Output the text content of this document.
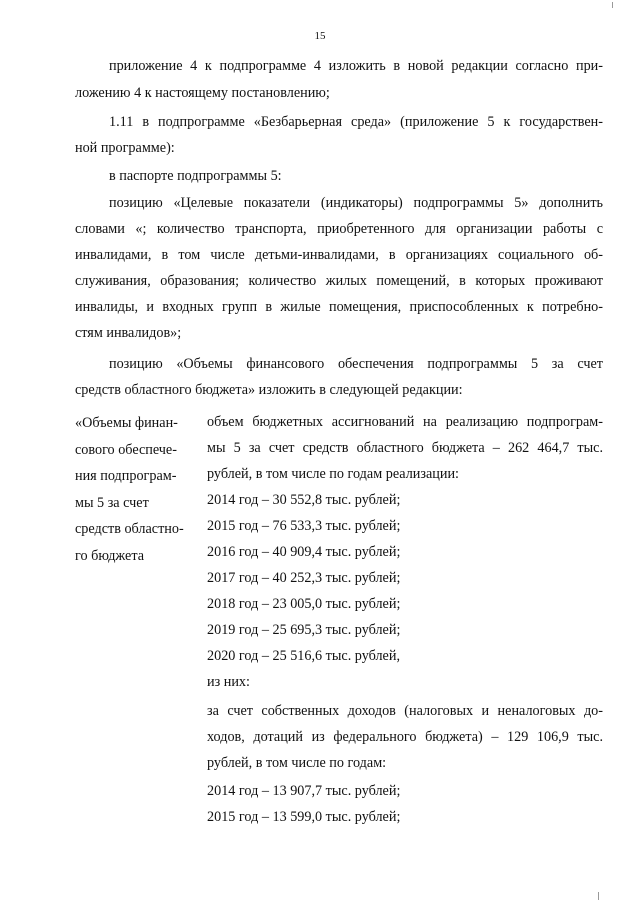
15
приложение 4 к подпрограмме 4 изложить в новой редакции согласно при-
ложению 4 к настоящему постановлению;
1.11 в подпрограмме «Безбарьерная среда» (приложение 5 к государствен-
ной программе):
в паспорте подпрограммы 5:
позицию «Целевые показатели (индикаторы) подпрограммы 5» дополнить
словами «; количество транспорта, приобретенного для организации работы с
инвалидами, в том числе детьми-инвалидами, в организациях социального об-
служивания, образования; количество жилых помещений, в которых проживают
инвалиды, и входных групп в жилые помещения, приспособленных к потребно-
стям инвалидов»;
позицию «Объемы финансового обеспечения подпрограммы 5 за счет
средств областного бюджета» изложить в следующей редакции:
«Объемы финан-
сового обеспече-
ния подпрограм-
мы 5 за счет
средств областно-
го бюджета
объем бюджетных ассигнований на реализацию подпрограм-
мы 5 за счет средств областного бюджета – 262 464,7 тыс.
рублей, в том числе по годам реализации:
2014 год – 30 552,8 тыс. рублей;
2015 год – 76 533,3 тыс. рублей;
2016 год – 40 909,4 тыс. рублей;
2017 год – 40 252,3 тыс. рублей;
2018 год – 23 005,0 тыс. рублей;
2019 год – 25 695,3 тыс. рублей;
2020 год – 25 516,6 тыс. рублей,
из них:
за счет собственных доходов (налоговых и неналоговых до-
ходов, дотаций из федерального бюджета) – 129 106,9 тыс.
рублей, в том числе по годам:
2014 год – 13 907,7 тыс. рублей;
2015 год – 13 599,0 тыс. рублей;
